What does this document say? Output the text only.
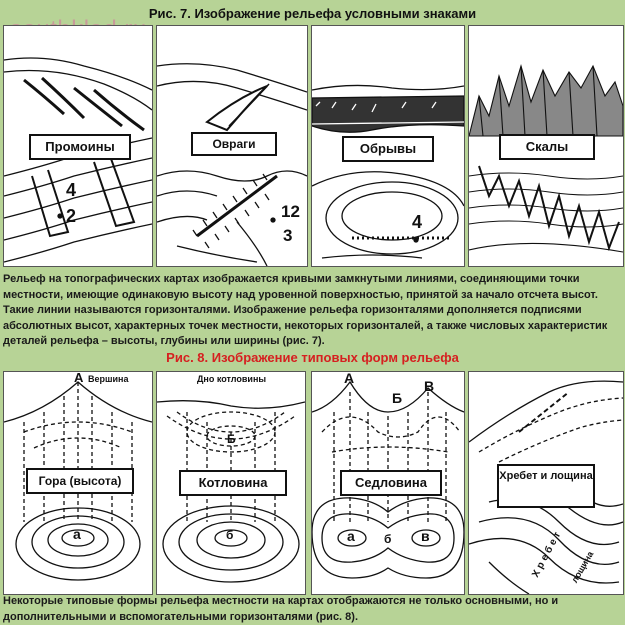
Рис. 7. Изображение рельефа условными знаками
Промоины
4
2
Овраги
12
3
Обрывы
4
Скалы
Рельеф на топографических картах изображается кривыми замкнутыми линиями, соединяющими точки местности, имеющие одинаковую высоту над уровенной поверхностью, принятой за начало отсчета высот. Такие линии называются горизонталями. Изображение рельефа горизонталями дополняется подписями абсолютных высот, характерных точек местности, некоторых горизонталей, а также числовых характеристик деталей рельефа – высоты, глубины или ширины (рис. 7).
Рис. 8. Изображение типовых форм рельефа
А Вершина
Гора (высота)
а
Дно котловины
Б
Котловина
б
А
Б
В
Седловина
а б в
Хребет и лощина
Хребет лощина
Некоторые типовые формы рельефа местности на картах отображаются не только основными, но и дополнительными и вспомогательными горизонталями (рис. 8).
